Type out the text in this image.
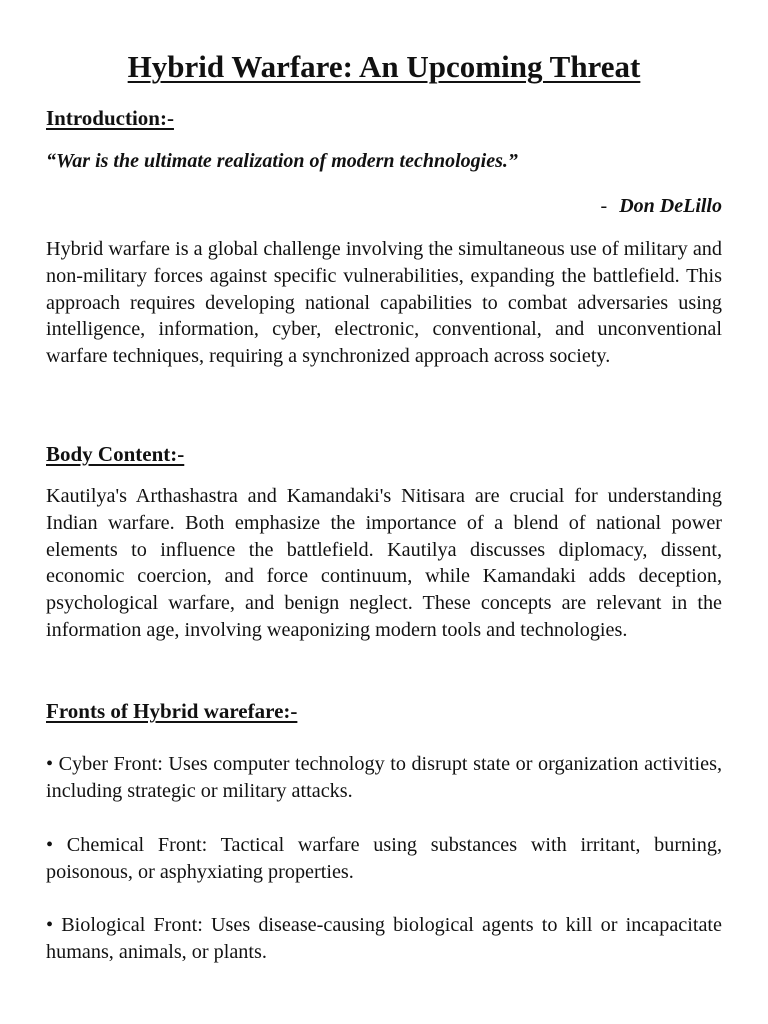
Hybrid Warfare: An Upcoming Threat
Introduction:-

“War is the ultimate realization of modern technologies.”

- Don DeLillo

Hybrid warfare is a global challenge involving the simultaneous use of military and non-military forces against specific vulnerabilities, expanding the battlefield. This approach requires developing national capabilities to combat adversaries using intelligence, information, cyber, electronic, conventional, and unconventional warfare techniques, requiring a synchronized approach across society.

Body Content:-

Kautilya's Arthashastra and Kamandaki's Nitisara are crucial for understanding Indian warfare. Both emphasize the importance of a blend of national power elements to influence the battlefield. Kautilya discusses diplomacy, dissent, economic coercion, and force continuum, while Kamandaki adds deception, psychological warfare, and benign neglect. These concepts are relevant in the information age, involving weaponizing modern tools and technologies.

Fronts of Hybrid warefare:-

• Cyber Front: Uses computer technology to disrupt state or organization activities, including strategic or military attacks.

• Chemical Front: Tactical warfare using substances with irritant, burning, poisonous, or asphyxiating properties.

• Biological Front: Uses disease-causing biological agents to kill or incapacitate humans, animals, or plants.
